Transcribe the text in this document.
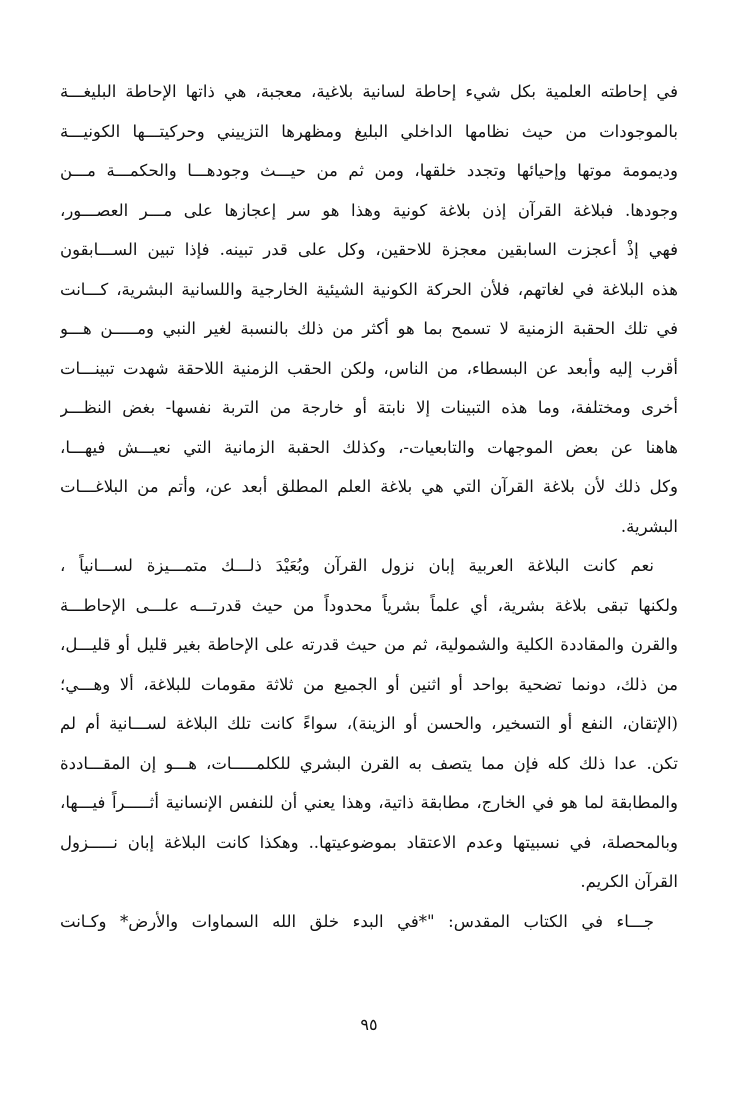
في إحاطته العلمية بكل شيء إحاطة لسانية بلاغية، معجبة، هي ذاتها الإحاطة البليغـــة
بالموجودات من حيث نظامها الداخلي البليغ ومظهرها التزييني وحركيتـــها الكونيـــة
وديمومة موتها وإحيائها وتجدد خلقها، ومن ثم من حيـــث وجودهـــا والحكمـــة مـــن
وجودها. فبلاغة القرآن إذن بلاغة كونية وهذا هو سر إعجازها على مـــر العصـــور،
فهي إذْ أعجزت السابقين معجزة للاحقين، وكل على قدر تبينه. فإذا تبين الســـابقون
هذه البلاغة في لغاتهم، فلأن الحركة الكونية الشيئية الخارجية واللسانية البشرية، كـــانت
في تلك الحقبة الزمنية لا تسمح بما هو أكثر من ذلك بالنسبة لغير النبي ومـــــن هـــو
أقرب إليه وأبعد عن البسطاء، من الناس، ولكن الحقب الزمنية اللاحقة شهدت تبينـــات
أخرى ومختلفة، وما هذه التبينات إلا نابتة أو خارجة من التربة نفسها- بغض النظـــر
هاهنا عن بعض الموجهات والتابعيات-، وكذلك الحقبة الزمانية التي نعيـــش فيهـــا،
وكل ذلك لأن بلاغة القرآن التي هي بلاغة العلم المطلق أبعد عن، وأتم من البلاغـــات
البشرية.
نعم كانت البلاغة العربية إبان نزول القرآن وبُعَيْدَ ذلـــك متمـــيزة لســـانياً ،
ولكنها تبقى بلاغة بشرية، أي علماً بشرياً محدوداً من حيث قدرتـــه علـــى الإحاطـــة
والقرن والمقاددة الكلية والشمولية، ثم من حيث قدرته على الإحاطة بغير قليل أو قليـــل،
من ذلك، دونما تضحية بواحد أو اثنين أو الجميع من ثلاثة مقومات للبلاغة، ألا وهـــي؛
(الإتقان، النفع أو التسخير، والحسن أو الزينة)، سواءً كانت تلك البلاغة لســـانية أم لم
تكن. عدا ذلك كله فإن مما يتصف به القرن البشري للكلمـــــات، هـــو إن المقـــاددة
والمطابقة لما هو في الخارج، مطابقة ذاتية، وهذا يعني أن للنفس الإنسانية أثـــــراً فيـــها،
وبالمحصلة، في نسبيتها وعدم الاعتقاد بموضوعيتها.. وهكذا كانت البلاغة إبان نـــــزول
القرآن الكريم.
جـــاء في الكتاب المقدس: "*في البدء خلق الله السماوات والأرض* وكـانت
٩٥
